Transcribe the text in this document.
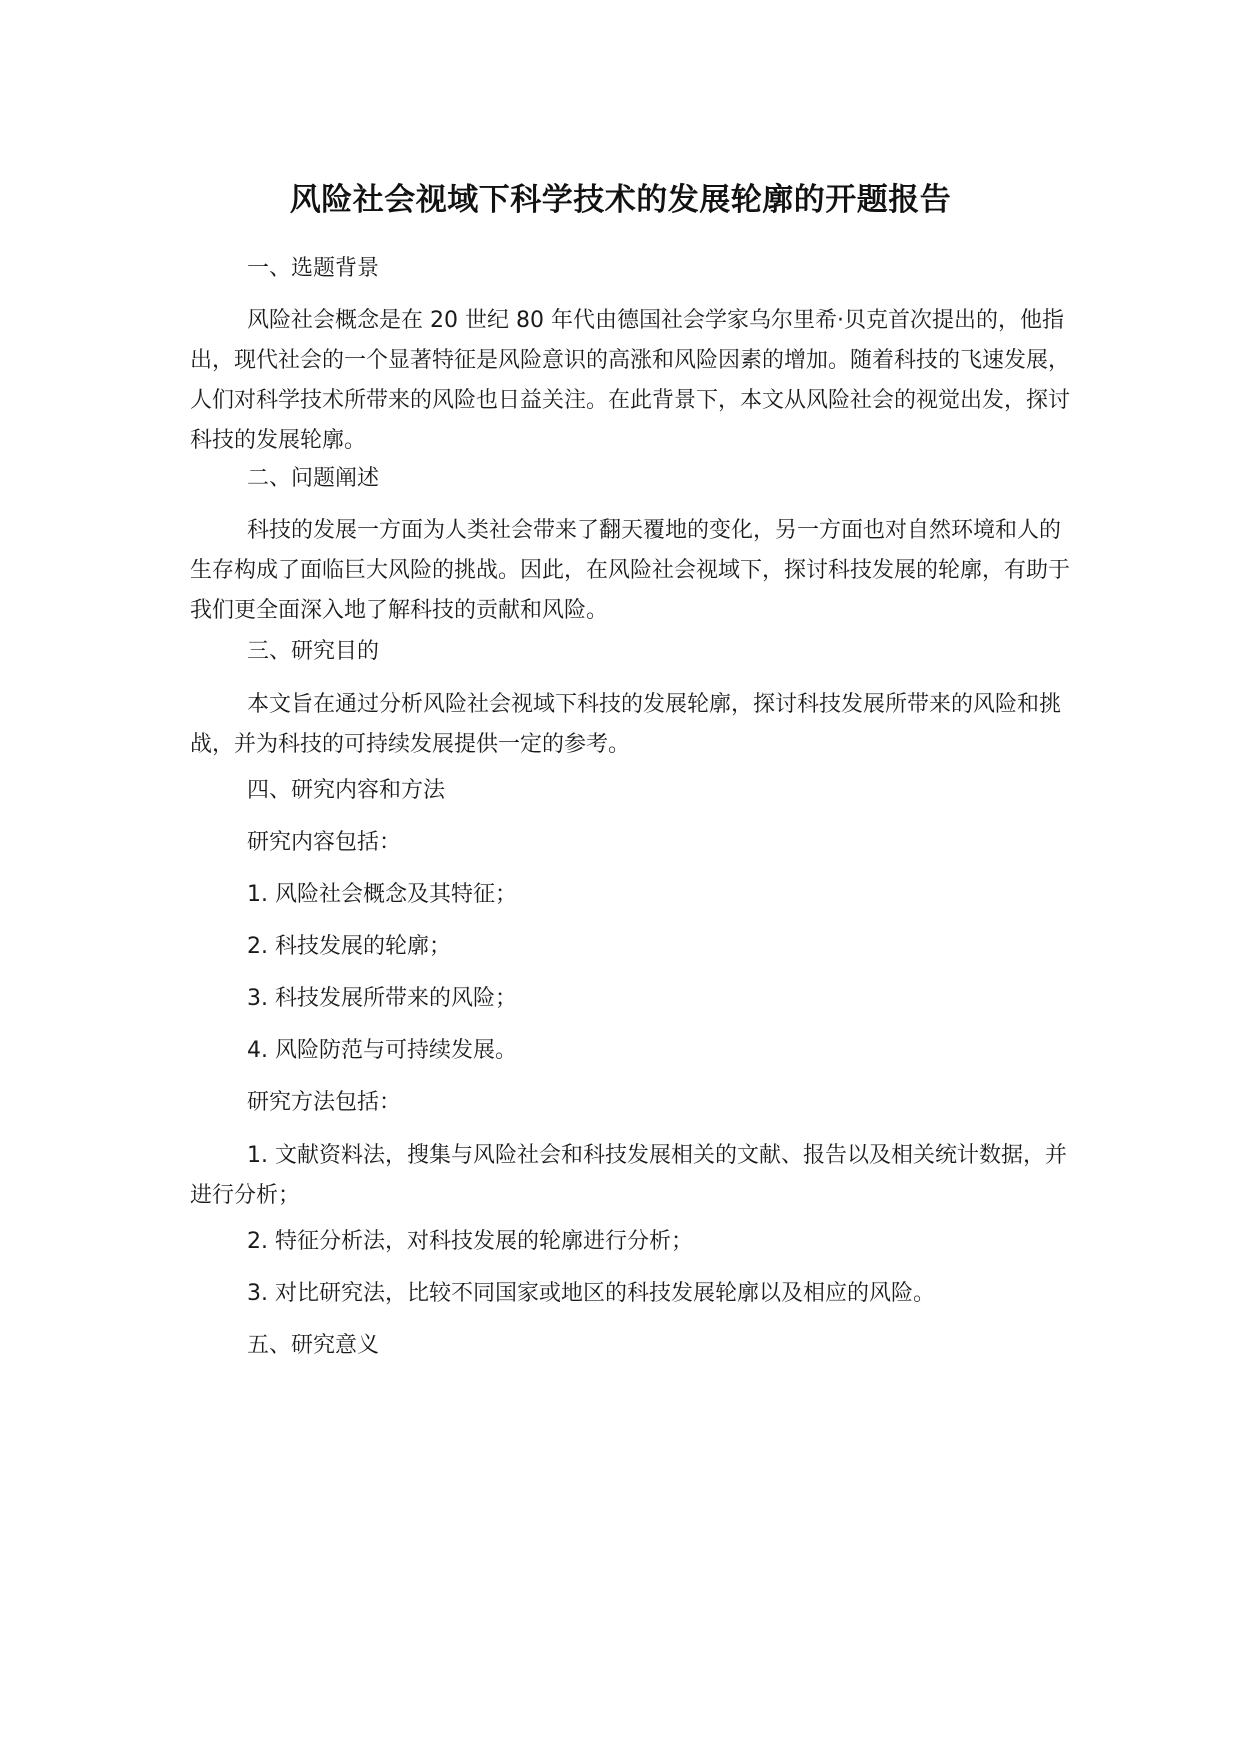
风险社会视域下科学技术的发展轮廓的开题报告
一、选题背景
风险社会概念是在 20 世纪 80 年代由德国社会学家乌尔里希·贝克首次提出的，他指出，现代社会的一个显著特征是风险意识的高涨和风险因素的增加。随着科技的飞速发展，人们对科学技术所带来的风险也日益关注。在此背景下，本文从风险社会的视觉出发，探讨科技的发展轮廓。
二、问题阐述
科技的发展一方面为人类社会带来了翻天覆地的变化，另一方面也对自然环境和人的生存构成了面临巨大风险的挑战。因此，在风险社会视域下，探讨科技发展的轮廓，有助于我们更全面深入地了解科技的贡献和风险。
三、研究目的
本文旨在通过分析风险社会视域下科技的发展轮廓，探讨科技发展所带来的风险和挑战，并为科技的可持续发展提供一定的参考。
四、研究内容和方法
研究内容包括：
1. 风险社会概念及其特征；
2. 科技发展的轮廓；
3. 科技发展所带来的风险；
4. 风险防范与可持续发展。
研究方法包括：
1. 文献资料法，搜集与风险社会和科技发展相关的文献、报告以及相关统计数据，并进行分析；
2. 特征分析法，对科技发展的轮廓进行分析；
3. 对比研究法，比较不同国家或地区的科技发展轮廓以及相应的风险。
五、研究意义
